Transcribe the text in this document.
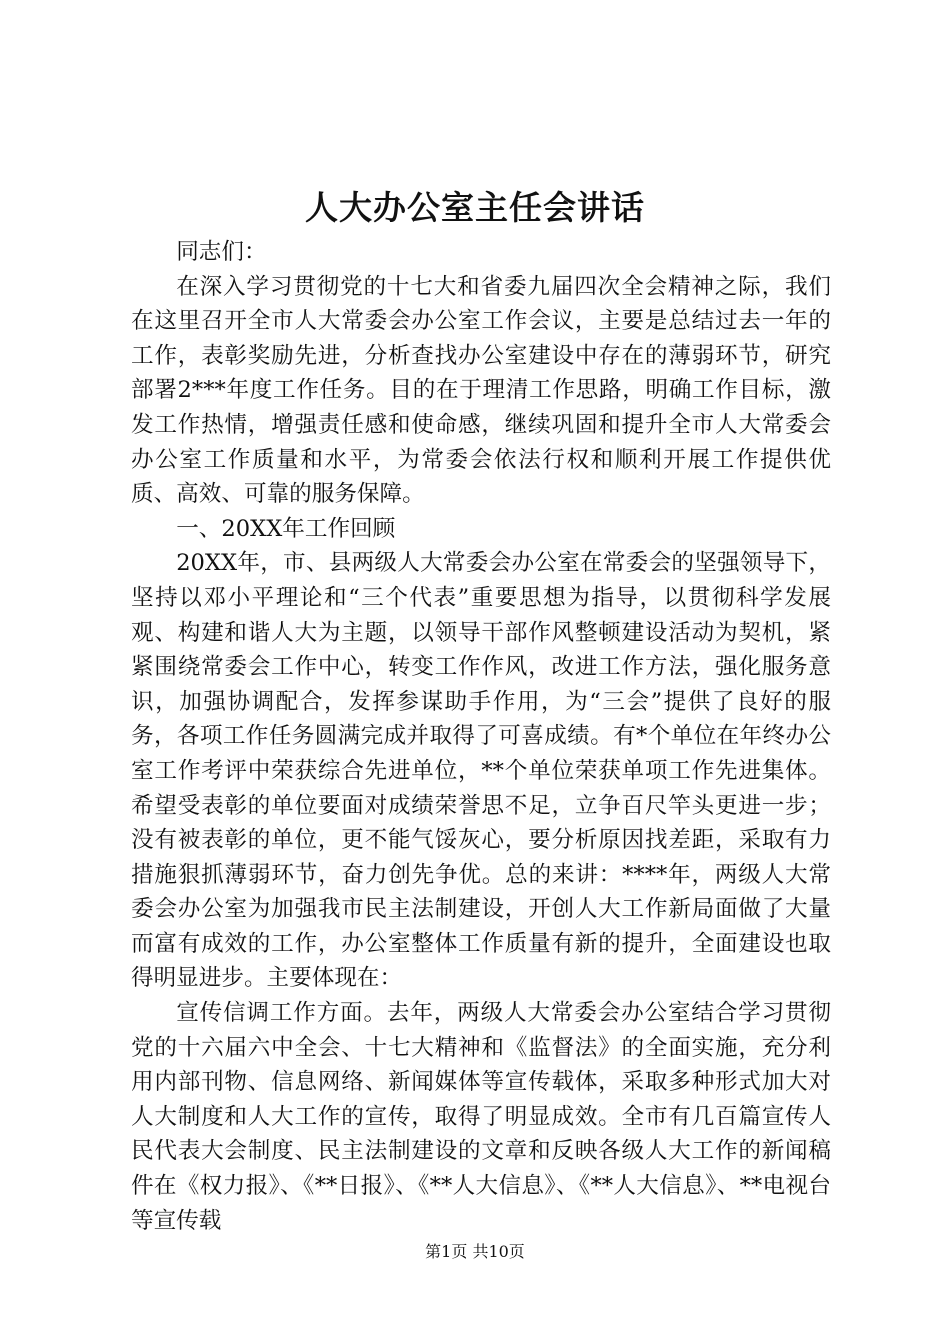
人大办公室主任会讲话

同志们：

在深入学习贯彻党的十七大和省委九届四次全会精神之际，我们在这里召开全市人大常委会办公室工作会议，主要是总结过去一年的工作，表彰奖励先进，分析查找办公室建设中存在的薄弱环节，研究部署2***年度工作任务。目的在于理清工作思路，明确工作目标，激发工作热情，增强责任感和使命感，继续巩固和提升全市人大常委会办公室工作质量和水平，为常委会依法行权和顺利开展工作提供优质、高效、可靠的服务保障。

一、20XX年工作回顾

20XX年，市、县两级人大常委会办公室在常委会的坚强领导下，坚持以邓小平理论和“三个代表”重要思想为指导，以贯彻科学发展观、构建和谐人大为主题，以领导干部作风整顿建设活动为契机，紧紧围绕常委会工作中心，转变工作作风，改进工作方法，强化服务意识，加强协调配合，发挥参谋助手作用，为“三会”提供了良好的服务，各项工作任务圆满完成并取得了可喜成绩。有*个单位在年终办公室工作考评中荣获综合先进单位，**个单位荣获单项工作先进集体。希望受表彰的单位要面对成绩荣誉思不足，立争百尺竿头更进一步；没有被表彰的单位，更不能气馁灰心，要分析原因找差距，采取有力措施狠抓薄弱环节，奋力创先争优。总的来讲：****年，两级人大常委会办公室为加强我市民主法制建设，开创人大工作新局面做了大量而富有成效的工作，办公室整体工作质量有新的提升，全面建设也取得明显进步。主要体现在：

宣传信调工作方面。去年，两级人大常委会办公室结合学习贯彻党的十六届六中全会、十七大精神和《监督法》的全面实施，充分利用内部刊物、信息网络、新闻媒体等宣传载体，采取多种形式加大对人大制度和人大工作的宣传，取得了明显成效。全市有几百篇宣传人民代表大会制度、民主法制建设的文章和反映各级人大工作的新闻稿件在《权力报》、《**日报》、《**人大信息》、《**人大信息》、**电视台等宣传载

第1页 共10页
